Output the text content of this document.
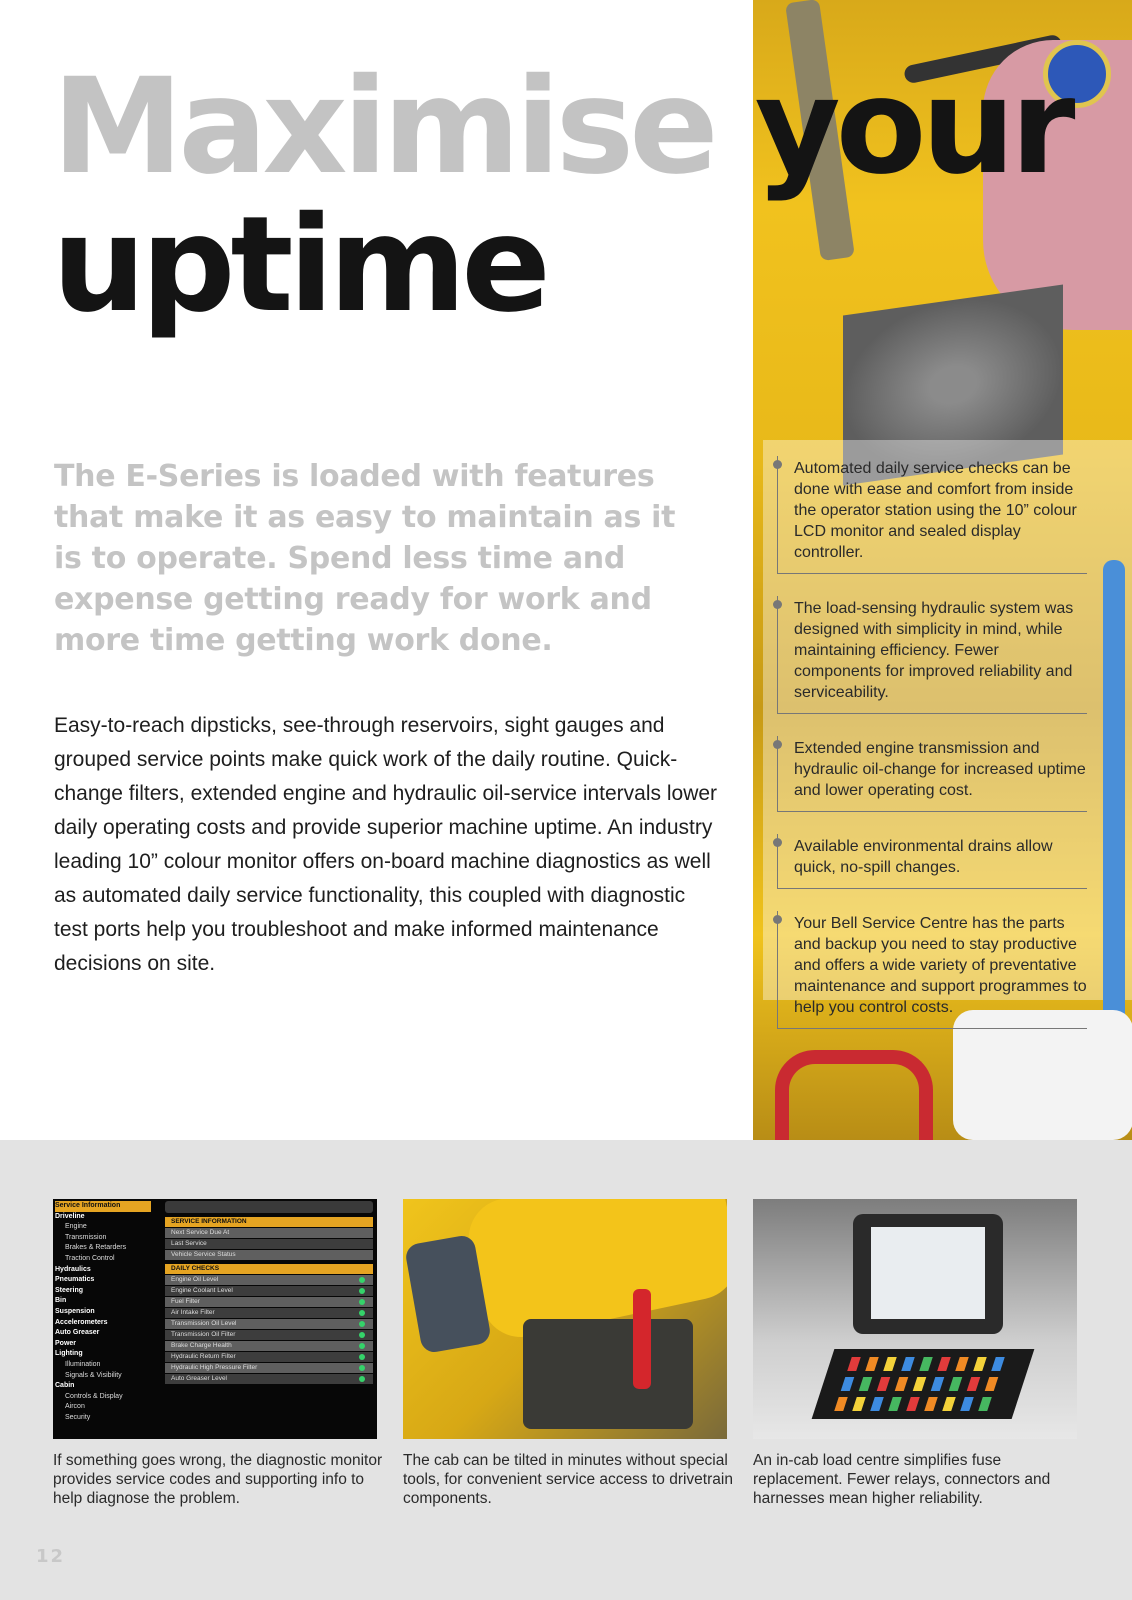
Maximise your
uptime

The E-Series is loaded with features that make it as easy to maintain as it is to operate. Spend less time and expense getting ready for work and more time getting work done.

Easy-to-reach dipsticks, see-through reservoirs, sight gauges and grouped service points make quick work of the daily routine. Quick-change filters, extended engine and hydraulic oil-service intervals lower daily operating costs and provide superior machine uptime. An industry leading 10” colour monitor offers on-board machine diagnostics as well as automated daily service functionality, this coupled with diagnostic test ports help you troubleshoot and make informed maintenance decisions on site.

Automated daily service checks can be done with ease and comfort from inside the operator station using the 10” colour LCD monitor and sealed display controller.
The load-sensing hydraulic system was designed with simplicity in mind, while maintaining efficiency. Fewer components for improved reliability and serviceability.
Extended engine transmission and hydraulic oil-change for increased uptime and lower operating cost.
Available environmental drains allow quick, no-spill changes.
Your Bell Service Centre has the parts and backup you need to stay productive and offers a wide variety of preventative maintenance and support programmes to help you control costs.
Service Information
Driveline
Engine
Transmission
Brakes & Retarders
Traction Control
Hydraulics
Pneumatics
Steering
Bin
Suspension
Accelerometers
Auto Greaser
Power
Lighting
Illumination
Signals & Visibility
Cabin
Controls & Display
Aircon
Security
SERVICE INFORMATION
Next Service Due At
Last Service
Vehicle Service Status
DAILY CHECKS
Engine Oil Level
Engine Coolant Level
Fuel Filter
Air Intake Filter
Transmission Oil Level
Transmission Oil Filter
Brake Charge Health
Hydraulic Return Filter
Hydraulic High Pressure Filter
Auto Greaser Level

If something goes wrong, the diagnostic monitor provides service codes and supporting info to help diagnose the problem.

The cab can be tilted in minutes without special tools, for convenient service access to drivetrain components.

An in-cab load centre simplifies fuse replacement. Fewer relays, connectors and harnesses mean higher reliability.

12
